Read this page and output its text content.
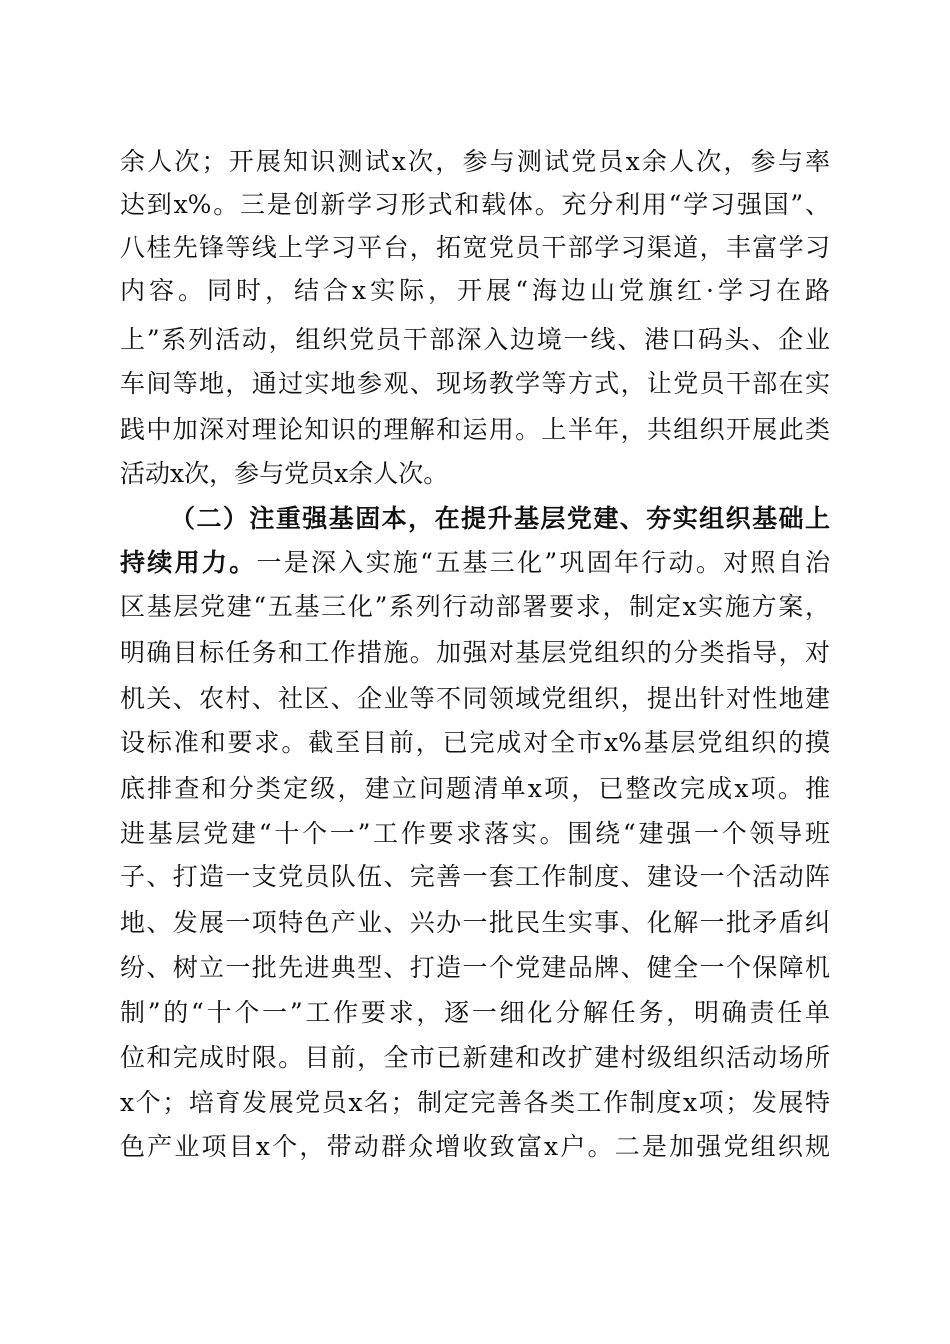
余人次；开展知识测试x次，参与测试党员x余人次，参与率
达到x%。三是创新学习形式和载体。充分利用“学习强国”、
八桂先锋等线上学习平台，拓宽党员干部学习渠道，丰富学习
内容。同时，结合x实际，开展“海边山党旗红·学习在路
上”系列活动，组织党员干部深入边境一线、港口码头、企业
车间等地，通过实地参观、现场教学等方式，让党员干部在实
践中加深对理论知识的理解和运用。上半年，共组织开展此类
活动x次，参与党员x余人次。
（二）注重强基固本，在提升基层党建、夯实组织基础上
持续用力。一是深入实施“五基三化”巩固年行动。对照自治
区基层党建“五基三化”系列行动部署要求，制定x实施方案，
明确目标任务和工作措施。加强对基层党组织的分类指导，对
机关、农村、社区、企业等不同领域党组织，提出针对性地建
设标准和要求。截至目前，已完成对全市x%基层党组织的摸
底排查和分类定级，建立问题清单x项，已整改完成x项。推
进基层党建“十个一”工作要求落实。围绕“建强一个领导班
子、打造一支党员队伍、完善一套工作制度、建设一个活动阵
地、发展一项特色产业、兴办一批民生实事、化解一批矛盾纠
纷、树立一批先进典型、打造一个党建品牌、健全一个保障机
制”的“十个一”工作要求，逐一细化分解任务，明确责任单
位和完成时限。目前，全市已新建和改扩建村级组织活动场所
x个；培育发展党员x名；制定完善各类工作制度x项；发展特
色产业项目x个，带动群众增收致富x户。二是加强党组织规
